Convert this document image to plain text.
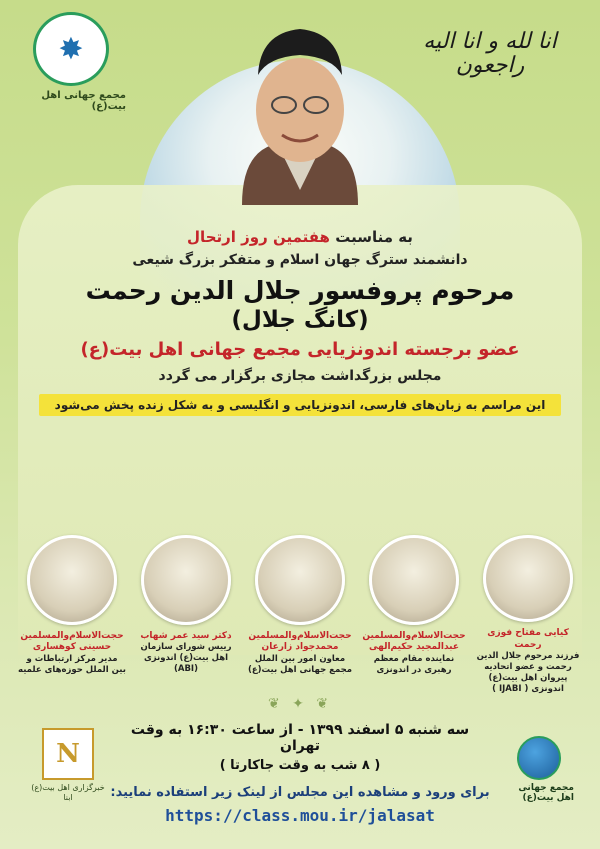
✸
مجمع جهانی اهل بیت(ع)
انا لله و انا الیه راجعون

به مناسبت هفتمین روز ارتحال

دانشمند سترگ جهان اسلام و متفکر بزرگ شیعی

مرحوم پروفسور جلال الدین رحمت

(کانگ جلال)

عضو برجسته اندونزیایی مجمع جهانی اهل بیت(ع)

مجلس بزرگداشت مجازی برگزار می گردد

این مراسم به زبان‌های فارسی، اندونزیایی و انگلیسی و به شکل زنده پخش می‌شود
کیایی مفتاح فوزی رحمت
فرزند مرحوم جلال الدین رحمت و عضو اتحادیه پیروان اهل بیت(ع) اندونزی ( IJABI )
حجت‌الاسلام‌والمسلمین
عبدالمجید حکیم‌الهی
نماینده مقام معظم رهبری در اندونزی
حجت‌الاسلام‌والمسلمین
محمدجواد زارعان
معاون امور بین الملل مجمع جهانی اهل بیت(ع)
دکتر سید عمر شهاب
رییس شورای سازمان اهل بیت(ع) اندونزی (ABI)
حجت‌الاسلام‌والمسلمین
حسینی کوهساری
مدیر مرکز ارتباطات و بین الملل حوزه‌های علمیه
❦ ✦ ❦
N
خبرگزاری اهل بیت(ع) ابنا
سه شنبه ۵ اسفند ۱۳۹۹ - از ساعت ۱۶:۳۰ به وقت تهران
( ۸ شب به وقت جاکارتا )
برای ورود و مشاهده این مجلس از لینک زیر استفاده نمایید:
https://class.mou.ir/jalasat
مجمع جهانی اهل بیت(ع)
